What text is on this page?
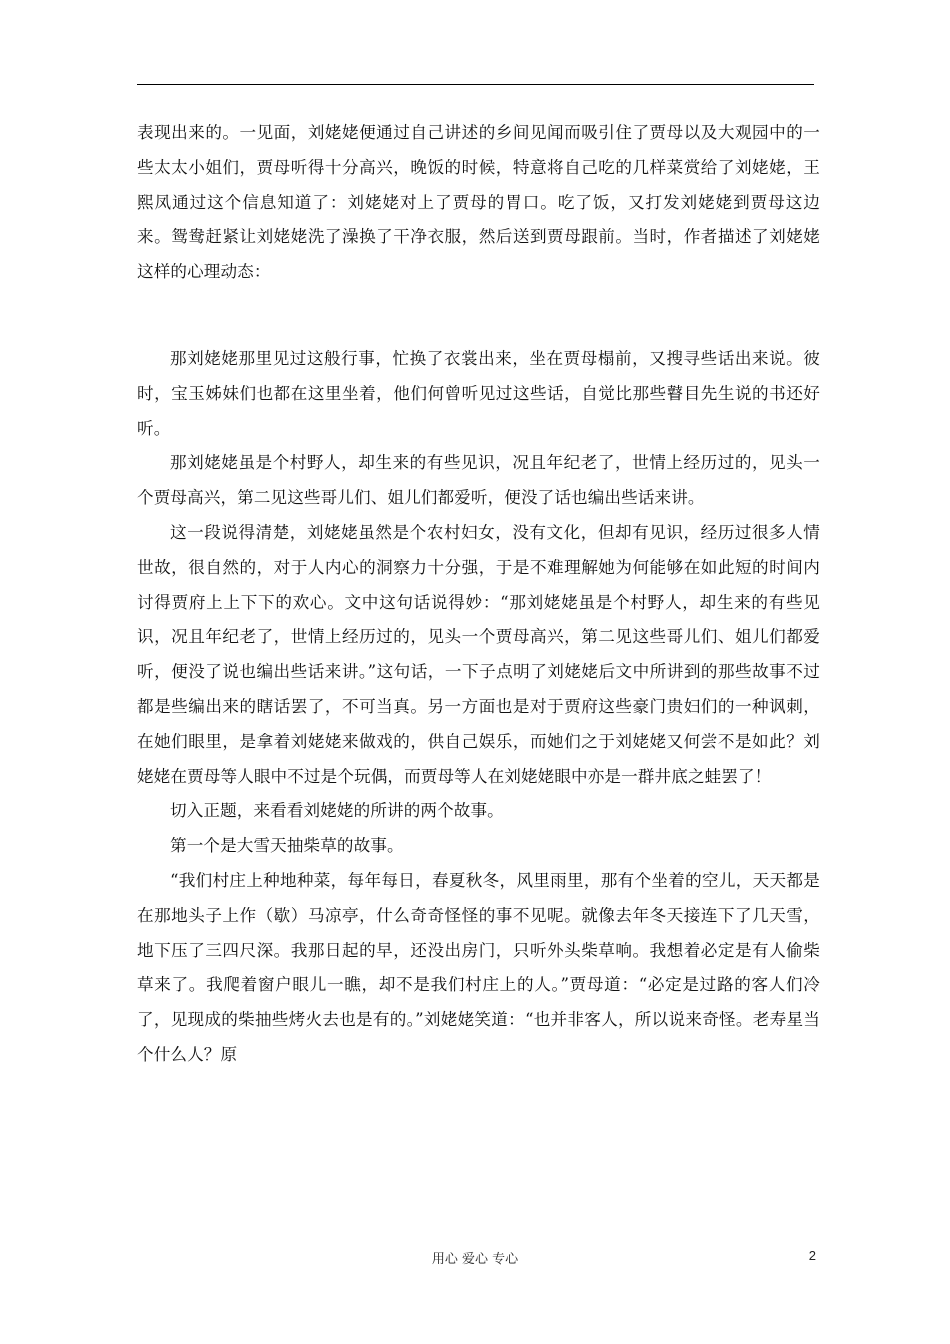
表现出来的。一见面，刘姥姥便通过自己讲述的乡间见闻而吸引住了贾母以及大观园中的一些太太小姐们，贾母听得十分高兴，晚饭的时候，特意将自己吃的几样菜赏给了刘姥姥，王熙凤通过这个信息知道了：刘姥姥对上了贾母的胃口。吃了饭，又打发刘姥姥到贾母这边来。鸳鸯赶紧让刘姥姥洗了澡换了干净衣服，然后送到贾母跟前。当时，作者描述了刘姥姥这样的心理动态：

那刘姥姥那里见过这般行事，忙换了衣裳出来，坐在贾母榻前，又搜寻些话出来说。彼时，宝玉姊妹们也都在这里坐着，他们何曾听见过这些话，自觉比那些瞽目先生说的书还好听。

那刘姥姥虽是个村野人，却生来的有些见识，况且年纪老了，世情上经历过的，见头一个贾母高兴，第二见这些哥儿们、姐儿们都爱听，便没了话也编出些话来讲。

这一段说得清楚，刘姥姥虽然是个农村妇女，没有文化，但却有见识，经历过很多人情世故，很自然的，对于人内心的洞察力十分强，于是不难理解她为何能够在如此短的时间内讨得贾府上上下下的欢心。文中这句话说得妙：“那刘姥姥虽是个村野人，却生来的有些见识，况且年纪老了，世情上经历过的，见头一个贾母高兴，第二见这些哥儿们、姐儿们都爱听，便没了说也编出些话来讲。”这句话，一下子点明了刘姥姥后文中所讲到的那些故事不过都是些编出来的瞎话罢了，不可当真。另一方面也是对于贾府这些豪门贵妇们的一种讽刺，在她们眼里，是拿着刘姥姥来做戏的，供自己娱乐，而她们之于刘姥姥又何尝不是如此？刘姥姥在贾母等人眼中不过是个玩偶，而贾母等人在刘姥姥眼中亦是一群井底之蛙罢了！

切入正题，来看看刘姥姥的所讲的两个故事。

第一个是大雪天抽柴草的故事。

“我们村庄上种地种菜，每年每日，春夏秋冬，风里雨里，那有个坐着的空儿，天天都是在那地头子上作（歇）马凉亭，什么奇奇怪怪的事不见呢。就像去年冬天接连下了几天雪，地下压了三四尺深。我那日起的早，还没出房门，只听外头柴草响。我想着必定是有人偷柴草来了。我爬着窗户眼儿一瞧，却不是我们村庄上的人。”贾母道：“必定是过路的客人们冷了，见现成的柴抽些烤火去也是有的。”刘姥姥笑道：“也并非客人，所以说来奇怪。老寿星当个什么人？原

用心 爱心 专心	2
